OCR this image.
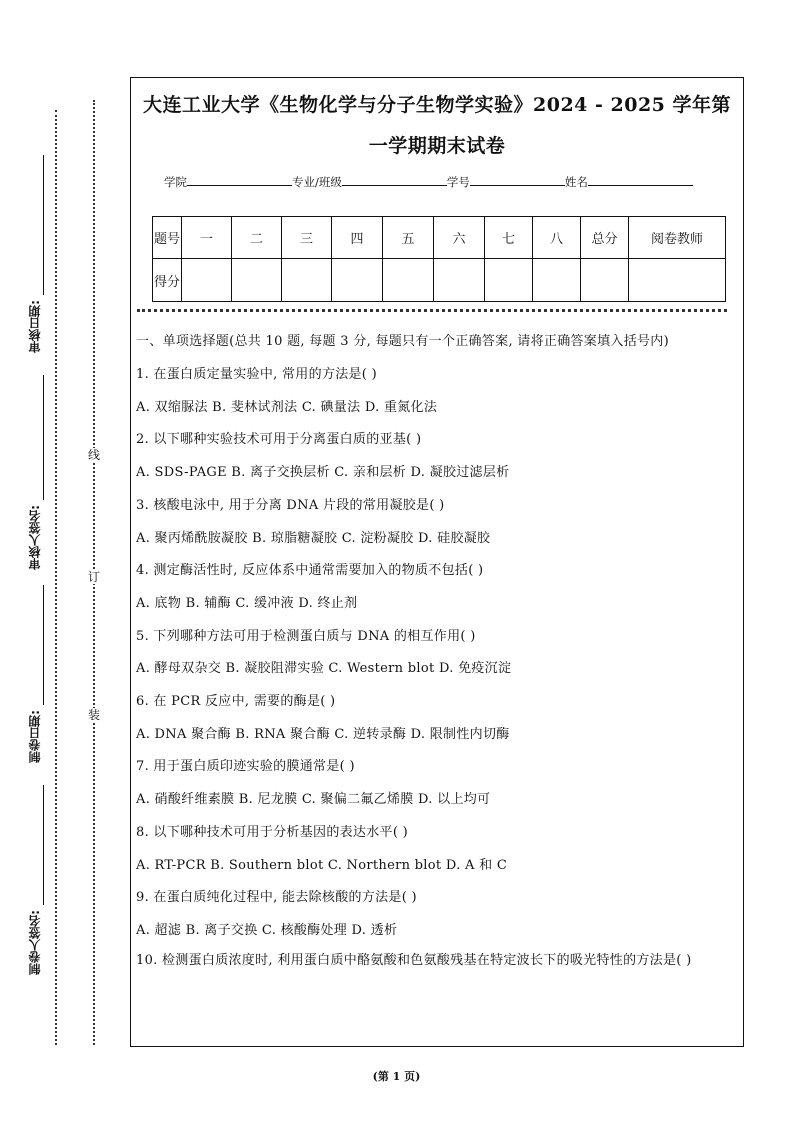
审核日期:
审核人签名:
制卷日期:
制卷人签名:
线
订
装
大连工业大学《生物化学与分子生物学实验》2024 - 2025 学年第
一学期期末试卷
学院	专业/班级	学号	姓名
题号	一	二	三	四	五	六	七	八	总分	阅卷教师
得分										
一、单项选择题(总共 10 题, 每题 3 分, 每题只有一个正确答案, 请将正确答案填入括号内)
1. 在蛋白质定量实验中, 常用的方法是( )
A. 双缩脲法 B. 斐林试剂法 C. 碘量法 D. 重氮化法
2. 以下哪种实验技术可用于分离蛋白质的亚基( )
A. SDS-PAGE B. 离子交换层析 C. 亲和层析 D. 凝胶过滤层析
3. 核酸电泳中, 用于分离 DNA 片段的常用凝胶是( )
A. 聚丙烯酰胺凝胶 B. 琼脂糖凝胶 C. 淀粉凝胶 D. 硅胶凝胶
4. 测定酶活性时, 反应体系中通常需要加入的物质不包括( )
A. 底物 B. 辅酶 C. 缓冲液 D. 终止剂
5. 下列哪种方法可用于检测蛋白质与 DNA 的相互作用( )
A. 酵母双杂交 B. 凝胶阻滞实验 C. Western blot D. 免疫沉淀
6. 在 PCR 反应中, 需要的酶是( )
A. DNA 聚合酶 B. RNA 聚合酶 C. 逆转录酶 D. 限制性内切酶
7. 用于蛋白质印迹实验的膜通常是( )
A. 硝酸纤维素膜 B. 尼龙膜 C. 聚偏二氟乙烯膜 D. 以上均可
8. 以下哪种技术可用于分析基因的表达水平( )
A. RT-PCR B. Southern blot C. Northern blot D. A 和 C
9. 在蛋白质纯化过程中, 能去除核酸的方法是( )
A. 超滤 B. 离子交换 C. 核酸酶处理 D. 透析
10. 检测蛋白质浓度时, 利用蛋白质中酪氨酸和色氨酸残基在特定波长下的吸光特性的方法是( )
(第 1 页)
